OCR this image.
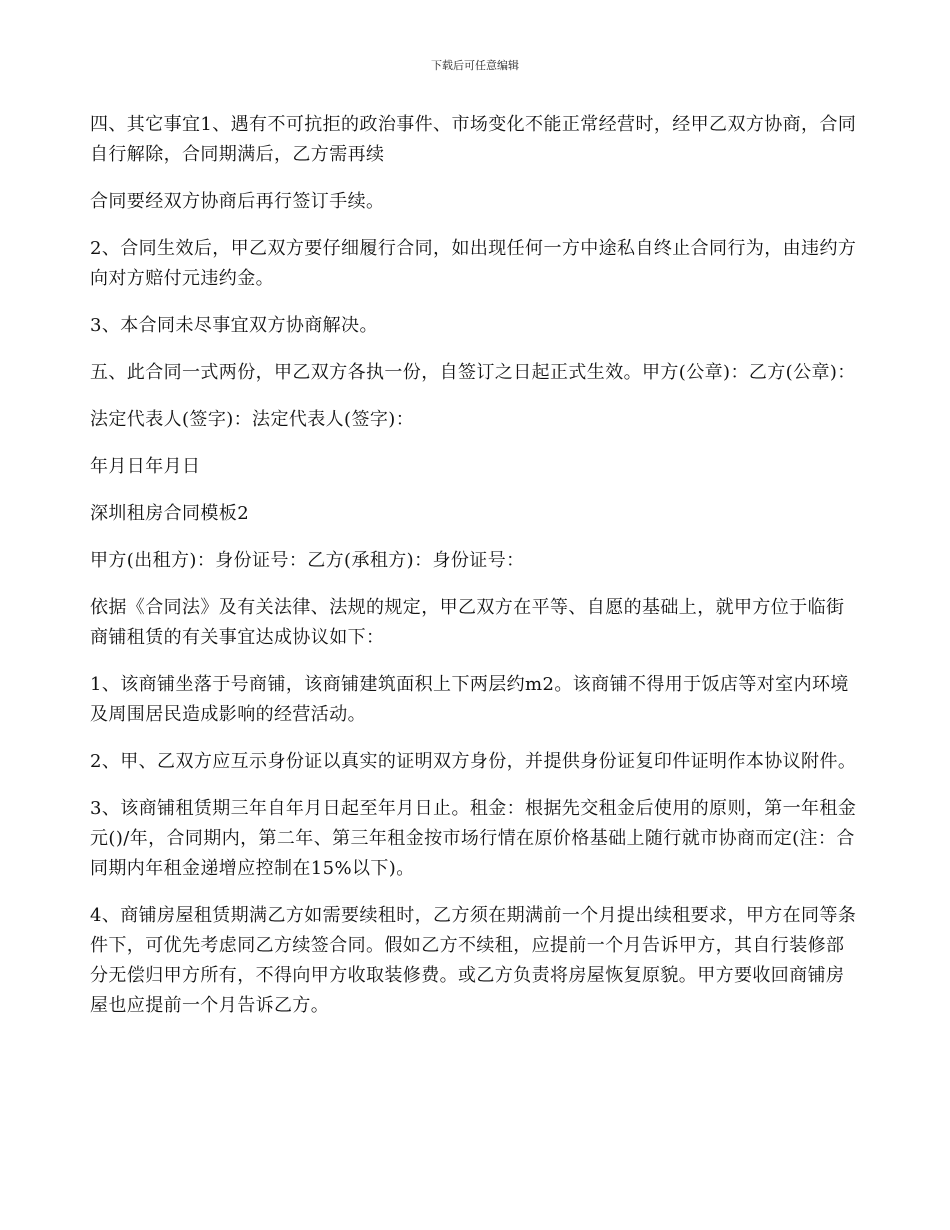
下载后可任意编辑

四、其它事宜1、遇有不可抗拒的政治事件、市场变化不能正常经营时，经甲乙双方协商，合同自行解除，合同期满后，乙方需再续

合同要经双方协商后再行签订手续。

2、合同生效后，甲乙双方要仔细履行合同，如出现任何一方中途私自终止合同行为，由违约方向对方赔付元违约金。

3、本合同未尽事宜双方协商解决。

五、此合同一式两份，甲乙双方各执一份，自签订之日起正式生效。甲方(公章)：乙方(公章)：

法定代表人(签字)：法定代表人(签字)：

年月日年月日

深圳租房合同模板2

甲方(出租方)：身份证号：乙方(承租方)：身份证号：

依据《合同法》及有关法律、法规的规定，甲乙双方在平等、自愿的基础上，就甲方位于临街商铺租赁的有关事宜达成协议如下：

1、该商铺坐落于号商铺，该商铺建筑面积上下两层约m2。该商铺不得用于饭店等对室内环境及周围居民造成影响的经营活动。

2、甲、乙双方应互示身份证以真实的证明双方身份，并提供身份证复印件证明作本协议附件。

3、该商铺租赁期三年自年月日起至年月日止。租金：根据先交租金后使用的原则，第一年租金元()/年，合同期内，第二年、第三年租金按市场行情在原价格基础上随行就市协商而定(注：合同期内年租金递增应控制在15%以下)。

4、商铺房屋租赁期满乙方如需要续租时，乙方须在期满前一个月提出续租要求，甲方在同等条件下，可优先考虑同乙方续签合同。假如乙方不续租，应提前一个月告诉甲方，其自行装修部分无偿归甲方所有，不得向甲方收取装修费。或乙方负责将房屋恢复原貌。甲方要收回商铺房屋也应提前一个月告诉乙方。
